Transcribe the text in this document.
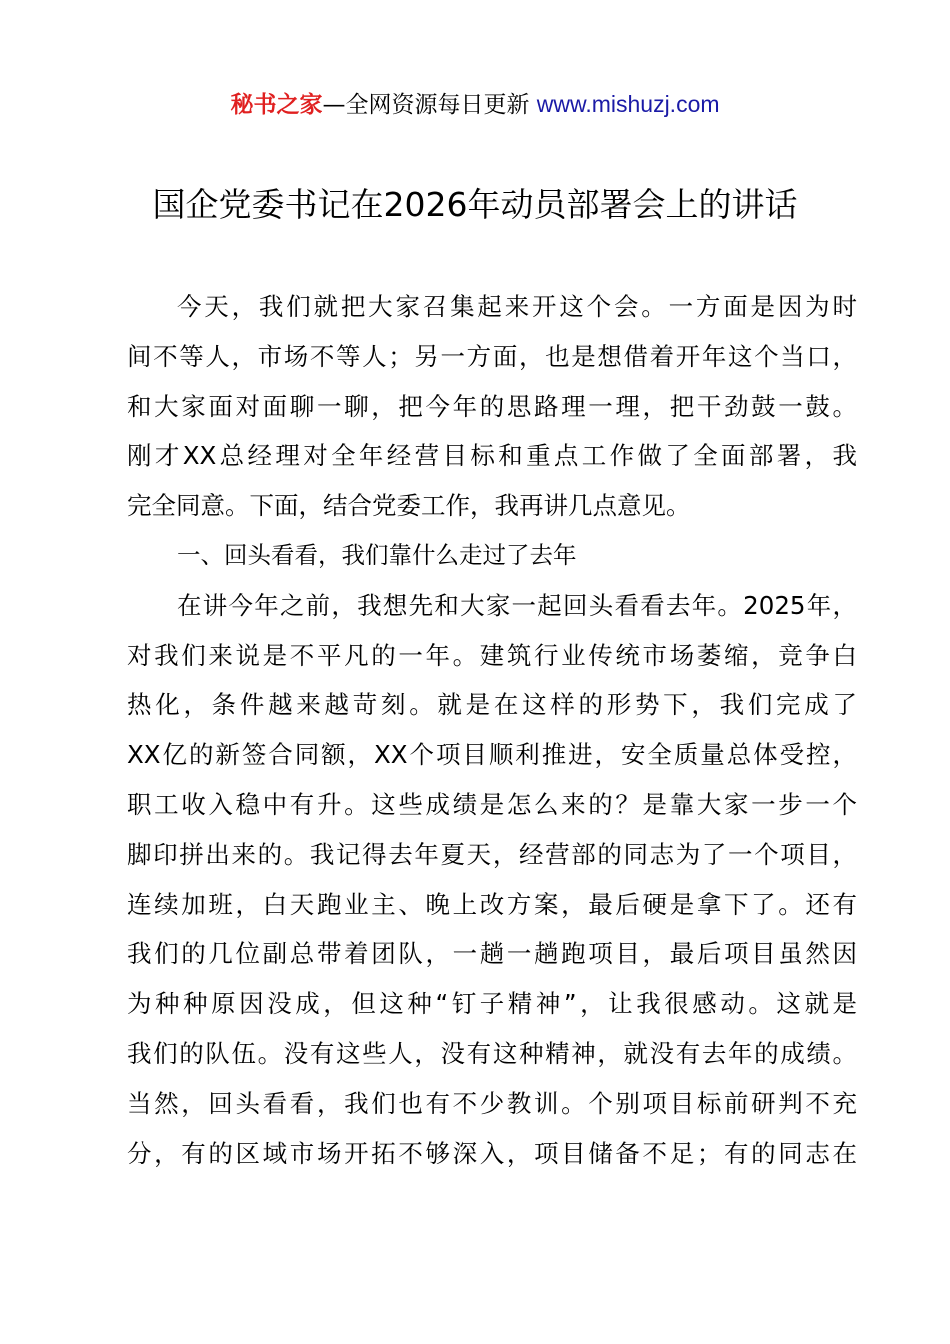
秘书之家—全网资源每日更新 www.mishuzj.com
国企党委书记在2026年动员部署会上的讲话
今天，我们就把大家召集起来开这个会。一方面是因为时
间不等人，市场不等人；另一方面，也是想借着开年这个当口，
和大家面对面聊一聊，把今年的思路理一理，把干劲鼓一鼓。
刚才XX总经理对全年经营目标和重点工作做了全面部署，我
完全同意。下面，结合党委工作，我再讲几点意见。
一、回头看看，我们靠什么走过了去年
在讲今年之前，我想先和大家一起回头看看去年。2025年，
对我们来说是不平凡的一年。建筑行业传统市场萎缩，竞争白
热化，条件越来越苛刻。就是在这样的形势下，我们完成了
XX亿的新签合同额，XX个项目顺利推进，安全质量总体受控，
职工收入稳中有升。这些成绩是怎么来的？是靠大家一步一个
脚印拼出来的。我记得去年夏天，经营部的同志为了一个项目，
连续加班，白天跑业主、晚上改方案，最后硬是拿下了。还有
我们的几位副总带着团队，一趟一趟跑项目，最后项目虽然因
为种种原因没成，但这种“钉子精神”，让我很感动。这就是
我们的队伍。没有这些人，没有这种精神，就没有去年的成绩。
当然，回头看看，我们也有不少教训。个别项目标前研判不充
分，有的区域市场开拓不够深入，项目储备不足；有的同志在
